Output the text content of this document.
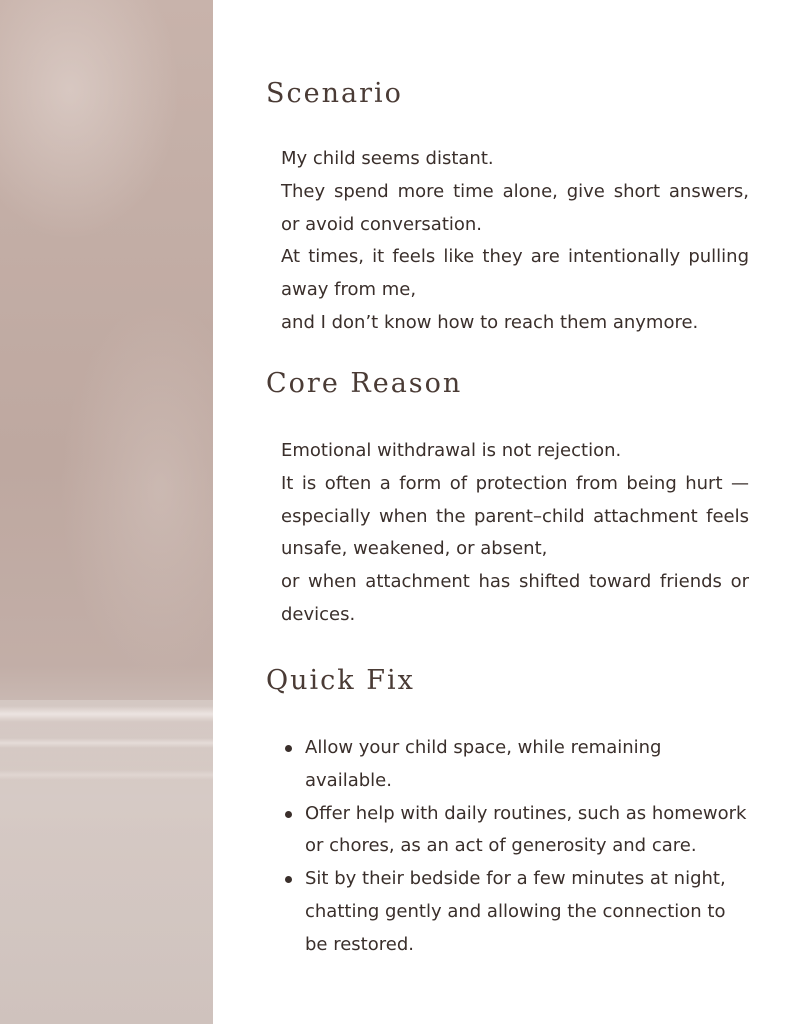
Scenario

My child seems distant.

They spend more time alone, give short answers, or avoid conversation.

At times, it feels like they are intentionally pulling away from me,

and I don’t know how to reach them anymore.

Core Reason

Emotional withdrawal is not rejection.

It is often a form of protection from being hurt — especially when the parent–child attachment feels unsafe, weakened, or absent,

or when attachment has shifted toward friends or devices.

Quick Fix
Allow your child space, while remaining available.
Offer help with daily routines, such as homework or chores, as an act of generosity and care.
Sit by their bedside for a few minutes at night, chatting gently and allowing the connection to be restored.
